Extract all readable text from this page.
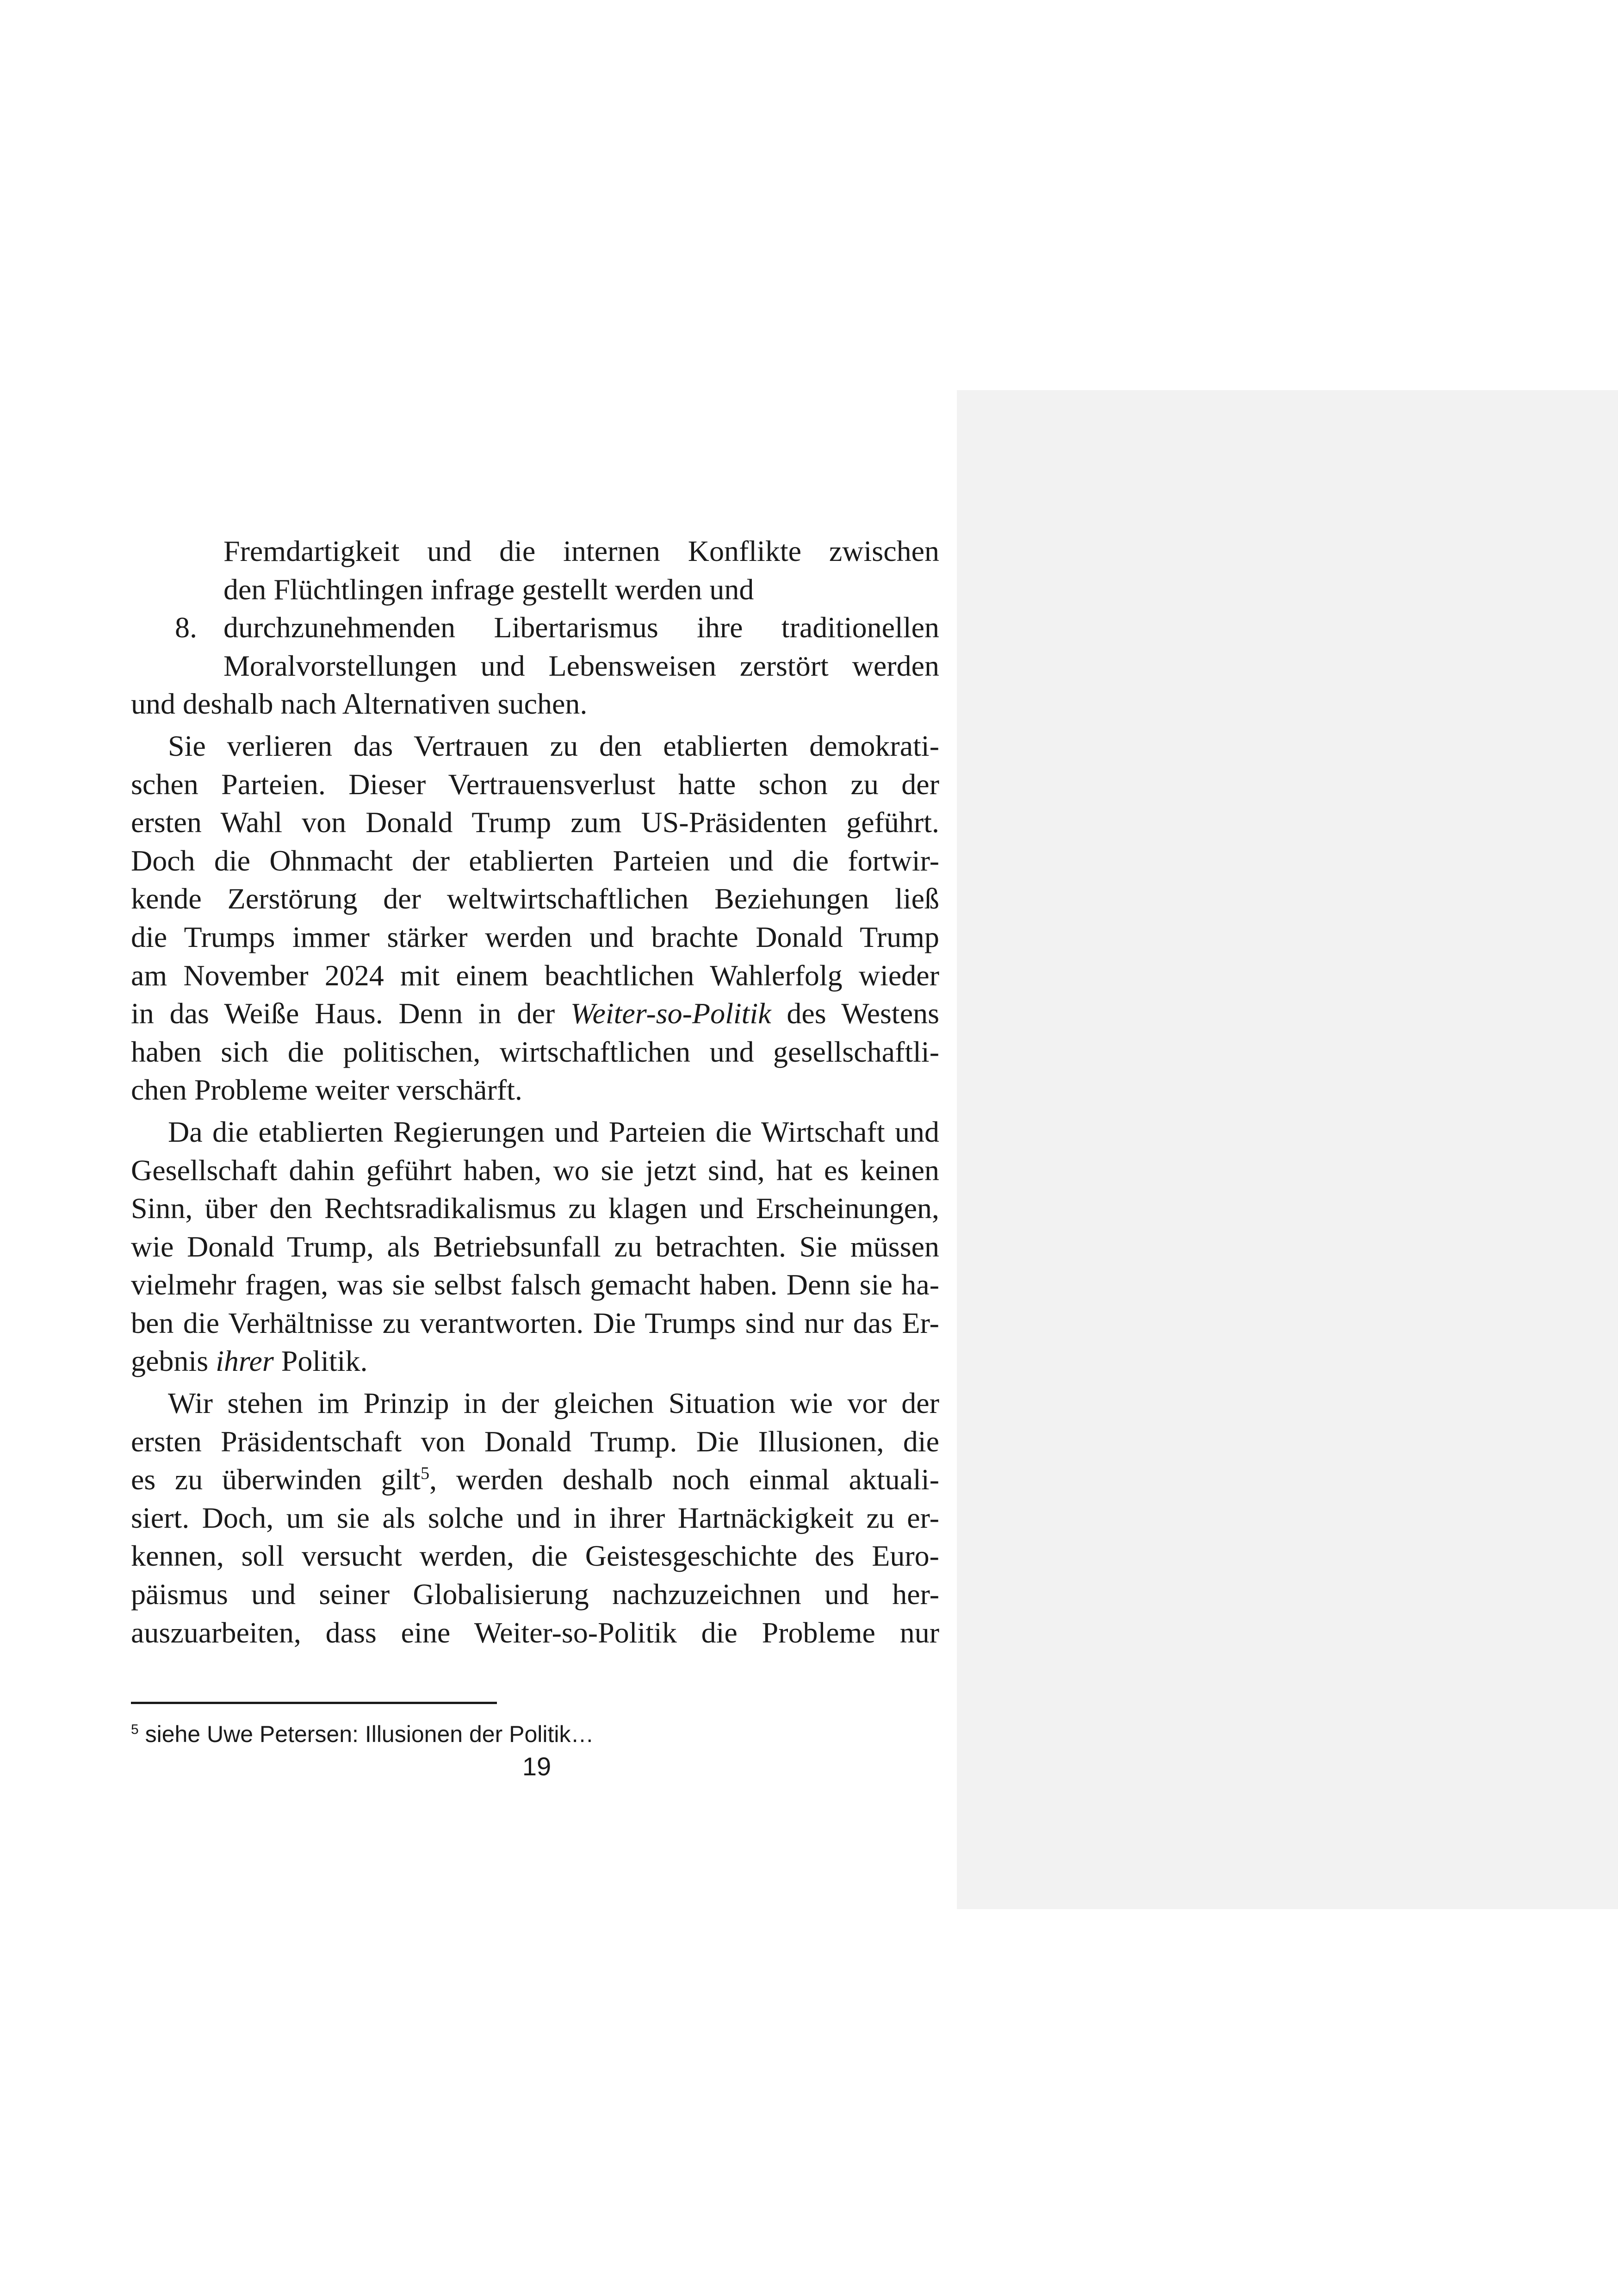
Fremdartigkeit und die internen Konflikte zwischen
den Flüchtlingen infrage gestellt werden und
8. durchzunehmenden Libertarismus ihre traditionellen
Moralvorstellungen und Lebensweisen zerstört werden
und deshalb nach Alternativen suchen.
Sie verlieren das Vertrauen zu den etablierten demokrati-
schen Parteien. Dieser Vertrauensverlust hatte schon zu der
ersten Wahl von Donald Trump zum US-Präsidenten geführt.
Doch die Ohnmacht der etablierten Parteien und die fortwir-
kende Zerstörung der weltwirtschaftlichen Beziehungen ließ
die Trumps immer stärker werden und brachte Donald Trump
am November 2024 mit einem beachtlichen Wahlerfolg wieder
in das Weiße Haus. Denn in der Weiter-so-Politik des Westens
haben sich die politischen, wirtschaftlichen und gesellschaftli-
chen Probleme weiter verschärft.
Da die etablierten Regierungen und Parteien die Wirtschaft und
Gesellschaft dahin geführt haben, wo sie jetzt sind, hat es keinen
Sinn, über den Rechtsradikalismus zu klagen und Erscheinungen,
wie Donald Trump, als Betriebsunfall zu betrachten. Sie müssen
vielmehr fragen, was sie selbst falsch gemacht haben. Denn sie ha-
ben die Verhältnisse zu verantworten. Die Trumps sind nur das Er-
gebnis ihrer Politik.
Wir stehen im Prinzip in der gleichen Situation wie vor der
ersten Präsidentschaft von Donald Trump. Die Illusionen, die
es zu überwinden gilt$^5$, werden deshalb noch einmal aktuali-
siert. Doch, um sie als solche und in ihrer Hartnäckigkeit zu er-
kennen, soll versucht werden, die Geistesgeschichte des Euro-
päismus und seiner Globalisierung nachzuzeichnen und her-
auszuarbeiten, dass eine Weiter-so-Politik die Probleme nur
$^5$ siehe Uwe Petersen: Illusionen der Politik…
19
